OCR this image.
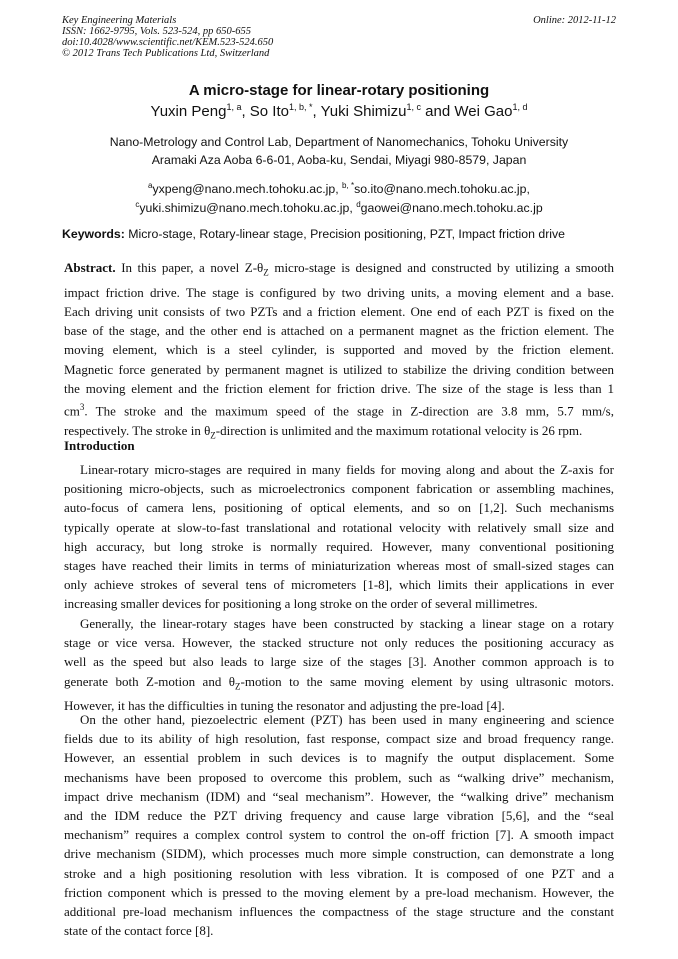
Key Engineering Materials
ISSN: 1662-9795, Vols. 523-524, pp 650-655
doi:10.4028/www.scientific.net/KEM.523-524.650
© 2012 Trans Tech Publications Ltd, Switzerland
Online: 2012-11-12
A micro-stage for linear-rotary positioning
Yuxin Peng$^{1, a}$, So Ito$^{1, b, *}$, Yuki Shimizu$^{1, c}$ and Wei Gao$^{1, d}$
Nano-Metrology and Control Lab, Department of Nanomechanics, Tohoku University
Aramaki Aza Aoba 6-6-01, Aoba-ku, Sendai, Miyagi 980-8579, Japan
$^a$yxpeng@nano.mech.tohoku.ac.jp, $^{b, *}$so.ito@nano.mech.tohoku.ac.jp,
$^c$yuki.shimizu@nano.mech.tohoku.ac.jp, $^d$gaowei@nano.mech.tohoku.ac.jp
Keywords: Micro-stage, Rotary-linear stage, Precision positioning, PZT, Impact friction drive
Abstract. In this paper, a novel $Z-\theta_Z$ micro-stage is designed and constructed by utilizing a smooth
impact friction drive. The stage is configured by two driving units, a moving element and a base.
Each driving unit consists of two PZTs and a friction element. One end of each PZT is fixed on the
base of the stage, and the other end is attached on a permanent magnet as the friction element. The
moving element, which is a steel cylinder, is supported and moved by the friction element.
Magnetic force generated by permanent magnet is utilized to stabilize the driving condition between
the moving element and the friction element for friction drive. The size of the stage is less than 1
$cm^3$. The stroke and the maximum speed of the stage in Z-direction are 3.8 mm, 5.7 mm/s,
respectively. The stroke in $\theta_Z$-direction is unlimited and the maximum rotational velocity is 26 rpm.
Introduction
Linear-rotary micro-stages are required in many fields for moving along and about the Z-axis for
positioning micro-objects, such as microelectronics component fabrication or assembling machines,
auto-focus of camera lens, positioning of optical elements, and so on [1,2]. Such mechanisms
typically operate at slow-to-fast translational and rotational velocity with relatively small size and
high accuracy, but long stroke is normally required. However, many conventional positioning
stages have reached their limits in terms of miniaturization whereas most of small-sized stages can
only achieve strokes of several tens of micrometers [1-8], which limits their applications in ever
increasing smaller devices for positioning a long stroke on the order of several millimetres.
Generally, the linear-rotary stages have been constructed by stacking a linear stage on a rotary
stage or vice versa. However, the stacked structure not only reduces the positioning accuracy as
well as the speed but also leads to large size of the stages [3]. Another common approach is to
generate both Z-motion and $\theta_Z$-motion to the same moving element by using ultrasonic motors.
However, it has the difficulties in tuning the resonator and adjusting the pre-load [4].
On the other hand, piezoelectric element (PZT) has been used in many engineering and science
fields due to its ability of high resolution, fast response, compact size and broad frequency range.
However, an essential problem in such devices is to magnify the output displacement. Some
mechanisms have been proposed to overcome this problem, such as “walking drive” mechanism,
impact drive mechanism (IDM) and “seal mechanism”. However, the “walking drive” mechanism
and the IDM reduce the PZT driving frequency and cause large vibration [5,6], and the “seal
mechanism” requires a complex control system to control the on-off friction [7]. A smooth impact
drive mechanism (SIDM), which processes much more simple construction, can demonstrate a long
stroke and a high positioning resolution with less vibration. It is composed of one PZT and a
friction component which is pressed to the moving element by a pre-load mechanism. However, the
additional pre-load mechanism influences the compactness of the stage structure and the constant
state of the contact force [8].
